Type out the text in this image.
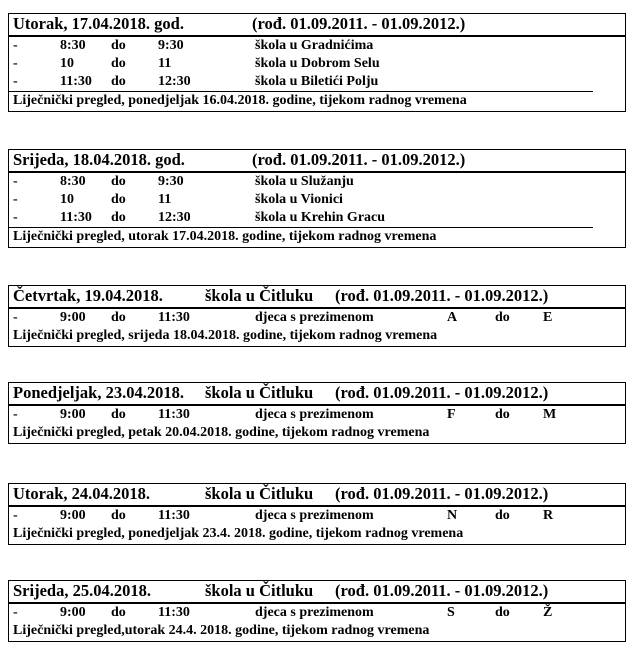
Utorak, 17.04.2018. god.	(rođ. 01.09.2011. - 01.09.2012.)
-	8:30 do 9:30	škola u Gradnićima
-	10	do 11	škola u Dobrom Selu
-	11:30 do 12:30	škola u Biletići Polju
Liječnički pregled, ponedjeljak 16.04.2018. godine, tijekom radnog vremena
Srijeda, 18.04.2018. god.	(rođ. 01.09.2011. - 01.09.2012.)
-	8:30 do 9:30	škola u Služanju
-	10	do 11	škola u Vionici
-	11:30 do 12:30	škola u Krehin Gracu
Liječnički pregled, utorak 17.04.2018. godine, tijekom radnog vremena
Četvrtak, 19.04.2018.	škola u Čitluku (rođ. 01.09.2011. - 01.09.2012.)
-	9:00 do 11:30	djeca s prezimenom	A	do E
Liječnički pregled, srijeda 18.04.2018. godine, tijekom radnog vremena
Ponedjeljak, 23.04.2018. škola u Čitluku (rođ. 01.09.2011. - 01.09.2012.)
-	9:00 do 11:30	djeca s prezimenom	F	do M
Liječnički pregled, petak 20.04.2018. godine, tijekom radnog vremena
Utorak, 24.04.2018.	škola u Čitluku (rođ. 01.09.2011. - 01.09.2012.)
-	9:00 do 11:30	djeca s prezimenom	N	do R
Liječnički pregled, ponedjeljak 23.4. 2018. godine, tijekom radnog vremena
Srijeda, 25.04.2018.	škola u Čitluku (rođ. 01.09.2011. - 01.09.2012.)
-	9:00 do 11:30	djeca s prezimenom	S	do Ž
Liječnički pregled,utorak 24.4. 2018. godine, tijekom radnog vremena
